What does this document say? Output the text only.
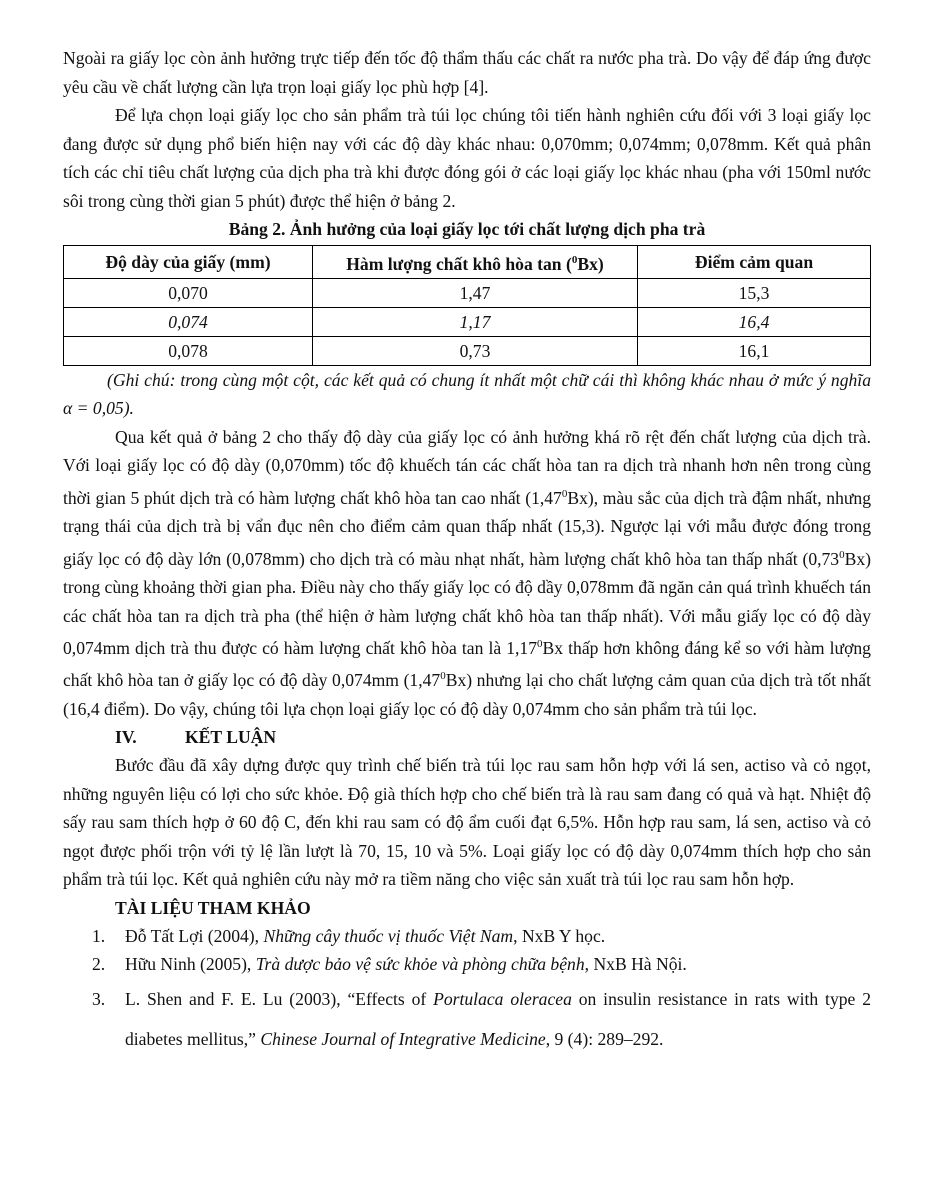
Ngoài ra giấy lọc còn ảnh hưởng trực tiếp đến tốc độ thẩm thấu các chất ra nước pha trà. Do vậy để đáp ứng được yêu cầu về chất lượng cần lựa trọn loại giấy lọc phù hợp [4].

Để lựa chọn loại giấy lọc cho sản phẩm trà túi lọc chúng tôi tiến hành nghiên cứu đối với 3 loại giấy lọc đang được sử dụng phổ biến hiện nay với các độ dày khác nhau: 0,070mm; 0,074mm; 0,078mm. Kết quả phân tích các chỉ tiêu chất lượng của dịch pha trà khi được đóng gói ở các loại giấy lọc khác nhau (pha với 150ml nước sôi trong cùng thời gian 5 phút) được thể hiện ở bảng 2.

Bảng 2. Ảnh hưởng của loại giấy lọc tới chất lượng dịch pha trà
Độ dày của giấy (mm)	Hàm lượng chất khô hòa tan ($^0$Bx)	Điểm cảm quan
0,070	1,47	15,3
0,074	1,17	16,4
0,078	0,73	16,1

(Ghi chú: trong cùng một cột, các kết quả có chung ít nhất một chữ cái thì không khác nhau ở mức ý nghĩa α = 0,05).

Qua kết quả ở bảng 2 cho thấy độ dày của giấy lọc có ảnh hưởng khá rõ rệt đến chất lượng của dịch trà. Với loại giấy lọc có độ dày (0,070mm) tốc độ khuếch tán các chất hòa tan ra dịch trà nhanh hơn nên trong cùng thời gian 5 phút dịch trà có hàm lượng chất khô hòa tan cao nhất (1,47$^0$Bx), màu sắc của dịch trà đậm nhất, nhưng trạng thái của dịch trà bị vẩn đục nên cho điểm cảm quan thấp nhất (15,3). Ngược lại với mẫu được đóng trong giấy lọc có độ dày lớn (0,078mm) cho dịch trà có màu nhạt nhất, hàm lượng chất khô hòa tan thấp nhất (0,73$^0$Bx) trong cùng khoảng thời gian pha. Điều này cho thấy giấy lọc có độ dầy 0,078mm đã ngăn cản quá trình khuếch tán các chất hòa tan ra dịch trà pha (thể hiện ở hàm lượng chất khô hòa tan thấp nhất). Với mẫu giấy lọc có độ dày 0,074mm dịch trà thu được có hàm lượng chất khô hòa tan là 1,17$^0$Bx thấp hơn không đáng kể so với hàm lượng chất khô hòa tan ở giấy lọc có độ dày 0,074mm (1,47$^0$Bx) nhưng lại cho chất lượng cảm quan của dịch trà tốt nhất (16,4 điểm). Do vậy, chúng tôi lựa chọn loại giấy lọc có độ dày 0,074mm cho sản phẩm trà túi lọc.

IV.	KẾT LUẬN

Bước đầu đã xây dựng được quy trình chế biến trà túi lọc rau sam hỗn hợp với lá sen, actiso và cỏ ngọt, những nguyên liệu có lợi cho sức khỏe. Độ già thích hợp cho chế biến trà là rau sam đang có quả và hạt. Nhiệt độ sấy rau sam thích hợp ở 60 độ C, đến khi rau sam có độ ẩm cuối đạt 6,5%. Hỗn hợp rau sam, lá sen, actiso và cỏ ngọt được phối trộn với tỷ lệ lần lượt là 70, 15, 10 và 5%. Loại giấy lọc có độ dày 0,074mm thích hợp cho sản phẩm trà túi lọc. Kết quả nghiên cứu này mở ra tiềm năng cho việc sản xuất trà túi lọc rau sam hỗn hợp.

TÀI LIỆU THAM KHẢO
1. Đỗ Tất Lợi (2004), Những cây thuốc vị thuốc Việt Nam, NxB Y học.
2. Hữu Ninh (2005), Trà dược bảo vệ sức khỏe và phòng chữa bệnh, NxB Hà Nội.
3. L. Shen and F. E. Lu (2003), “Effects of Portulaca oleracea on insulin resistance in rats with type 2 diabetes mellitus,” Chinese Journal of Integrative Medicine, 9 (4): 289–292.
